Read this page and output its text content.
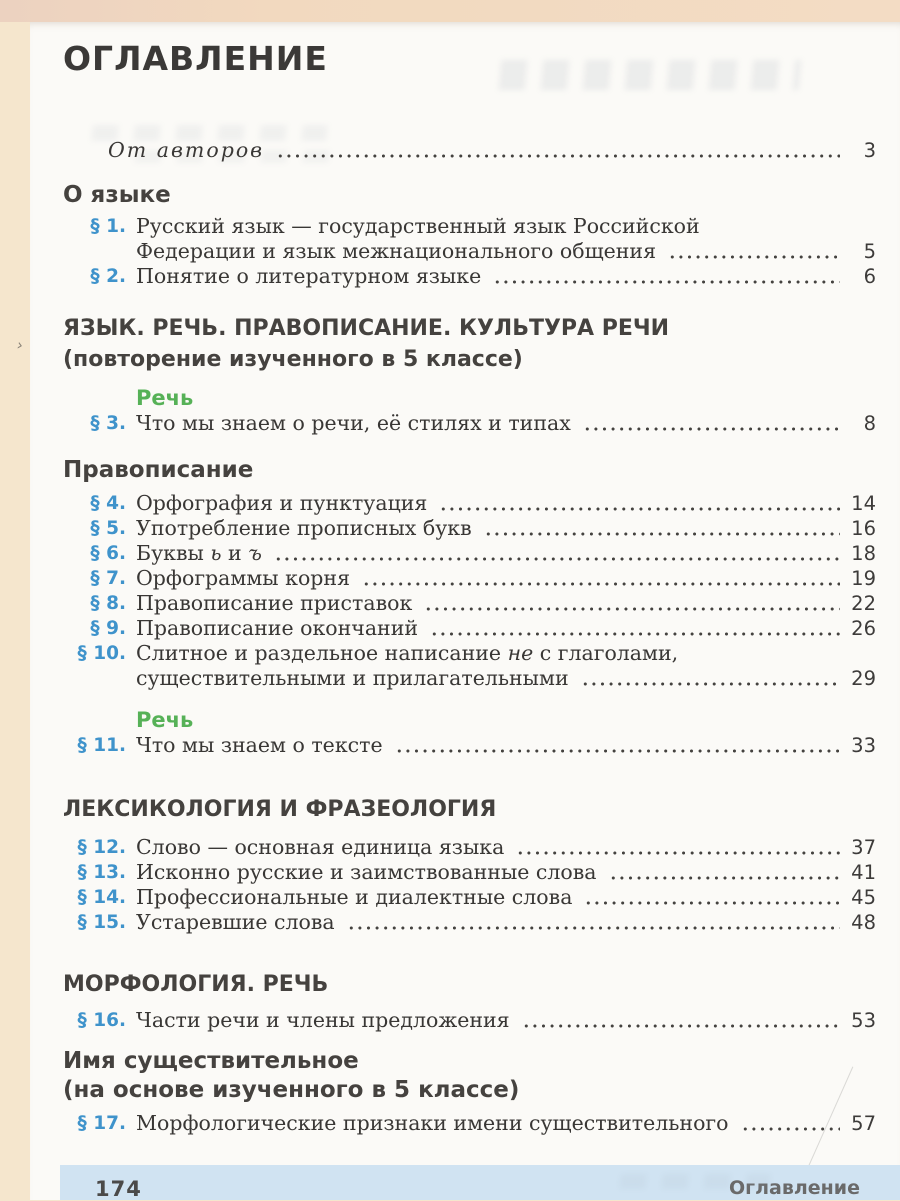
ОГЛАВЛЕНИЕ
От авторов	3
О языке
§ 1. Русский язык — государственный язык Российской
Федерации и язык межнационального общения	5
§ 2. Понятие о литературном языке	6
ЯЗЫК. РЕЧЬ. ПРАВОПИСАНИЕ. КУЛЬТУРА РЕЧИ
(повторение изученного в 5 классе)
Речь
§ 3. Что мы знаем о речи, её стилях и типах	8
Правописание
§ 4. Орфография и пунктуация	14
§ 5. Употребление прописных букв	16
§ 6. Буквы ь и ъ	18
§ 7. Орфограммы корня	19
§ 8. Правописание приставок	22
§ 9. Правописание окончаний	26
§ 10. Слитное и раздельное написание не с глаголами,
существительными и прилагательными	29
Речь
§ 11. Что мы знаем о тексте	33
ЛЕКСИКОЛОГИЯ И ФРАЗЕОЛОГИЯ
§ 12. Слово — основная единица языка	37
§ 13. Исконно русские и заимствованные слова	41
§ 14. Профессиональные и диалектные слова	45
§ 15. Устаревшие слова	48
МОРФОЛОГИЯ. РЕЧЬ
§ 16. Части речи и члены предложения	53
Имя существительное
(на основе изученного в 5 классе)
§ 17. Морфологические признаки имени существительного	57
174	Оглавление
›
